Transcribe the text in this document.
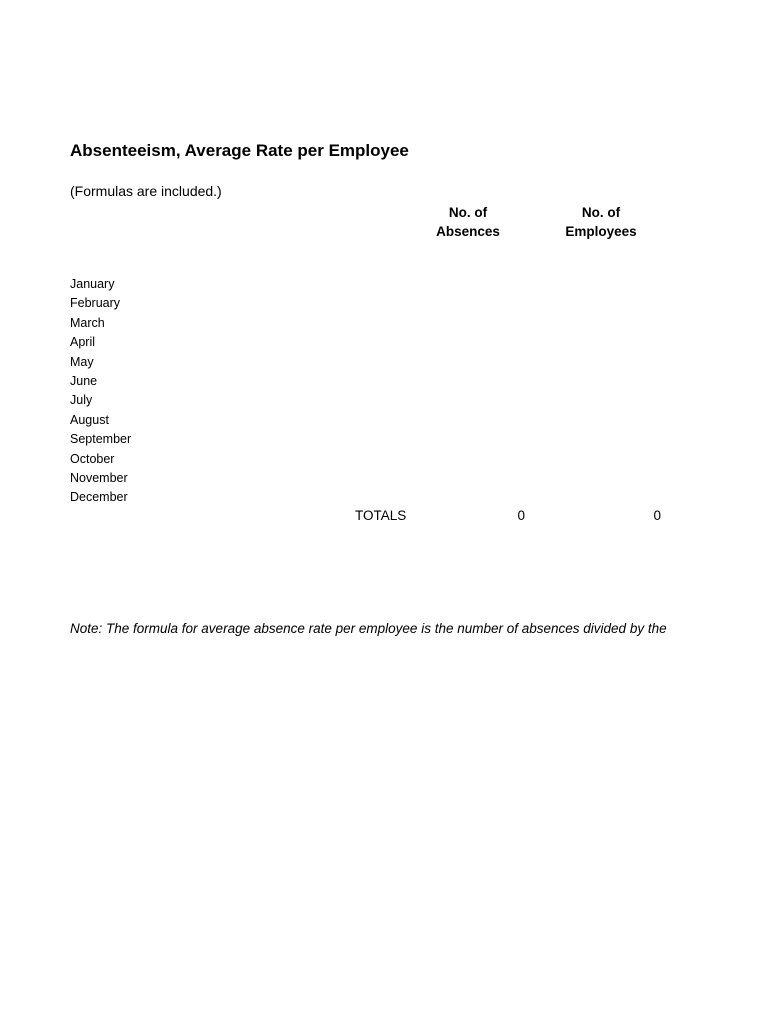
Absenteeism, Average Rate per Employee
(Formulas are included.)
No. of
Absences
No. of
Employees
January
February
March
April
May
June
July
August
September
October
November
December
TOTALS	0	0
Note: The formula for average absence rate per employee is the number of absences divided by the
